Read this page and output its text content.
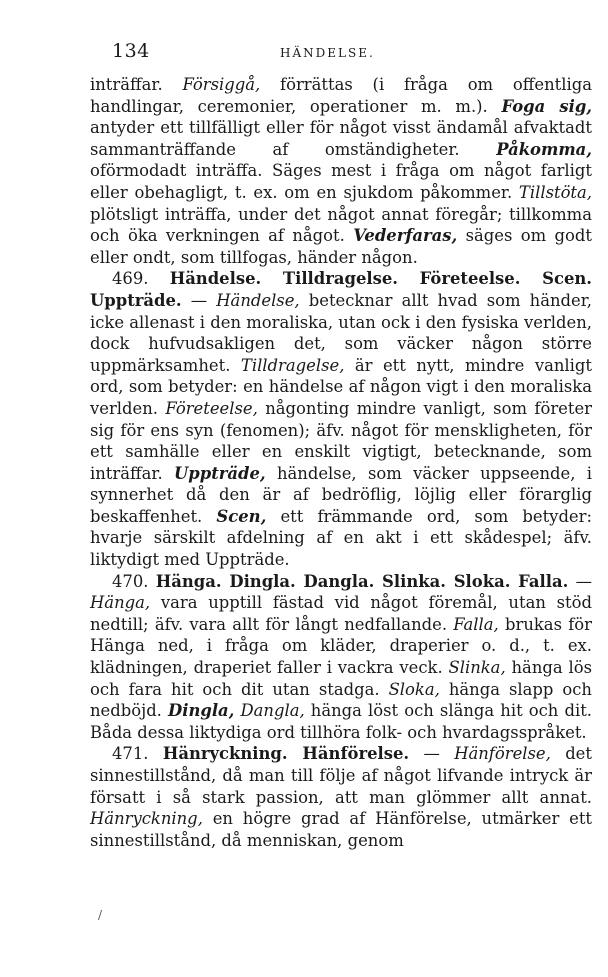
134	HÄNDELSE.

inträffar. Försiggå, förrättas (i fråga om offentliga handlingar, ceremonier, operationer m. m.). Foga sig, antyder ett tillfälligt eller för något visst ändamål afvaktadt sammanträffande af omständigheter. Påkomma, oförmodadt inträffa. Säges mest i fråga om något farligt eller obehagligt, t. ex. om en sjukdom påkommer. Tillstöta, plötsligt inträffa, under det något annat föregår; tillkomma och öka verkningen af något. Vederfaras, säges om godt eller ondt, som tillfogas, händer någon.

469. Händelse. Tilldragelse. Företeelse. Scen. Uppträde. — Händelse, betecknar allt hvad som händer, icke allenast i den moraliska, utan ock i den fysiska verlden, dock hufvudsakligen det, som väcker någon större uppmärksamhet. Tilldragelse, är ett nytt, mindre vanligt ord, som betyder: en händelse af någon vigt i den moraliska verlden. Företeelse, någonting mindre vanligt, som företer sig för ens syn (fenomen); äfv. något för menskligheten, för ett samhälle eller en enskilt vigtigt, betecknande, som inträffar. Uppträde, händelse, som väcker uppseende, i synnerhet då den är af bedröflig, löjlig eller förarglig beskaffenhet. Scen, ett främmande ord, som betyder: hvarje särskilt afdelning af en akt i ett skådespel; äfv. liktydigt med Uppträde.

470. Hänga. Dingla. Dangla. Slinka. Sloka. Falla. — Hänga, vara upptill fästad vid något föremål, utan stöd nedtill; äfv. vara allt för långt nedfallande. Falla, brukas för Hänga ned, i fråga om kläder, draperier o. d., t. ex. klädningen, draperiet faller i vackra veck. Slinka, hänga lös och fara hit och dit utan stadga. Sloka, hänga slapp och nedböjd. Dingla, Dangla, hänga löst och slänga hit och dit. Båda dessa liktydiga ord tillhöra folk- och hvardagsspråket.

471. Hänryckning. Hänförelse. — Hänförelse, det sinnestillstånd, då man till följe af något lifvande intryck är försatt i så stark passion, att man glömmer allt annat. Hänryckning, en högre grad af Hänförelse, utmärker ett sinnestillstånd, då menniskan, genom

/
